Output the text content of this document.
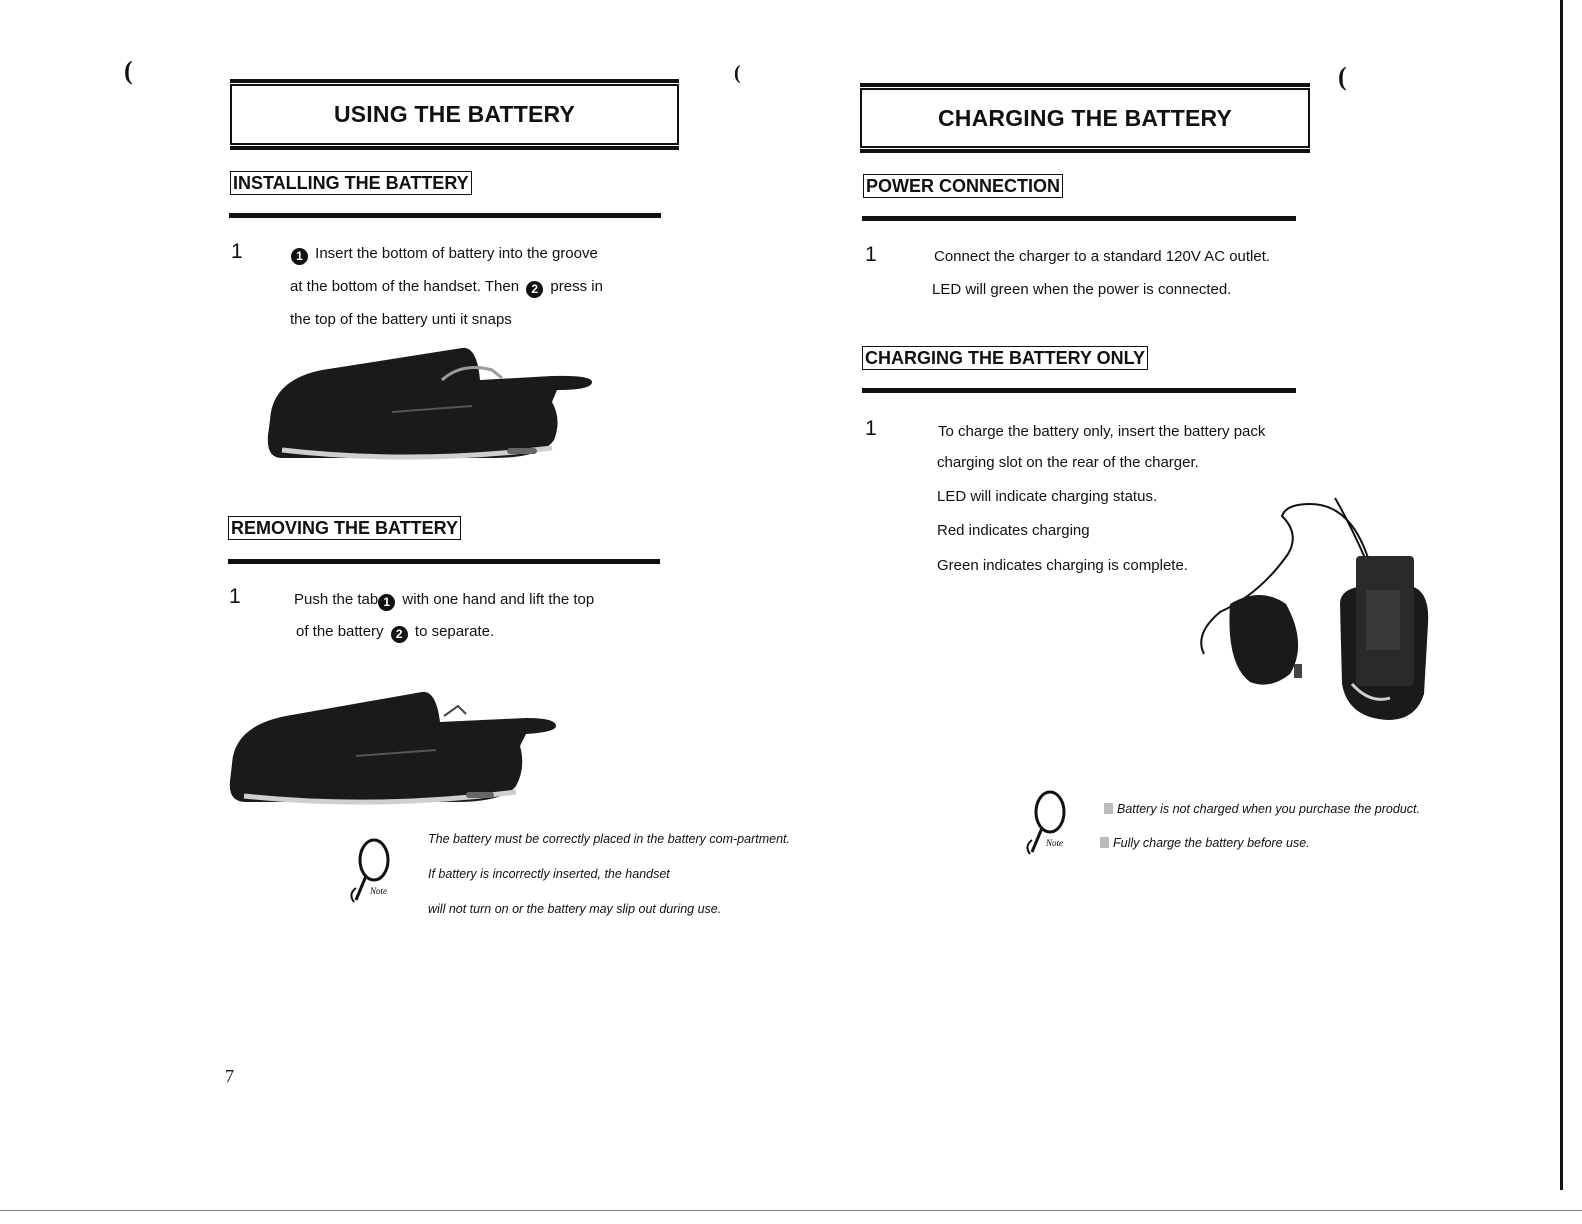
(	(	(
USING THE BATTERY
INSTALLING THE BATTERY
1	1 Insert the bottom of battery into the groove
at the bottom of the handset. Then 2 press in
the top of the battery unti it snaps
REMOVING THE BATTERY
1	Push the tab 1 with one hand and lift the top
of the battery 2 to separate.
Note
The battery must be correctly placed in the battery com-partment.
If battery is incorrectly inserted, the handset
will not turn on or the battery may slip out during use.
7
CHARGING THE BATTERY
POWER CONNECTION
1	Connect the charger to a standard 120V AC outlet.
LED will green when the power is connected.
CHARGING THE BATTERY ONLY
1	To charge the battery only, insert the battery pack
charging slot on the rear of the charger.
LED will indicate charging status.
Red indicates charging
Green indicates charging is complete.
Note
Battery is not charged when you purchase the product.
Fully charge the battery before use.
